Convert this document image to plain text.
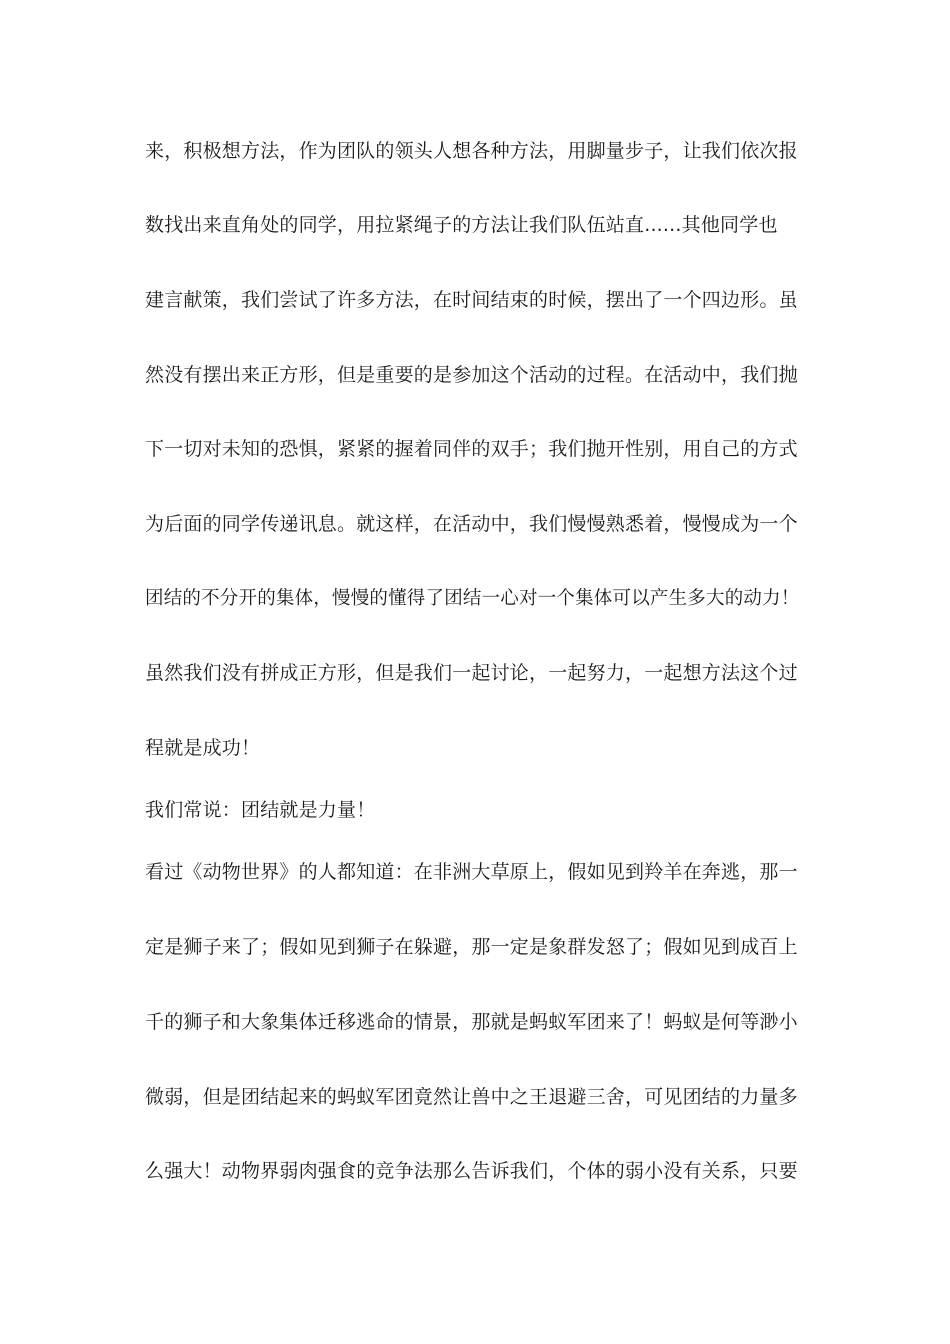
来，积极想方法，作为团队的领头人想各种方法，用脚量步子，让我们依次报
数找出来直角处的同学，用拉紧绳子的方法让我们队伍站直......其他同学也
建言献策，我们尝试了许多方法，在时间结束的时候，摆出了一个四边形。虽
然没有摆出来正方形，但是重要的是参加这个活动的过程。在活动中，我们抛
下一切对未知的恐惧，紧紧的握着同伴的双手；我们抛开性别，用自己的方式
为后面的同学传递讯息。就这样，在活动中，我们慢慢熟悉着，慢慢成为一个
团结的不分开的集体，慢慢的懂得了团结一心对一个集体可以产生多大的动力！
虽然我们没有拼成正方形，但是我们一起讨论，一起努力，一起想方法这个过
程就是成功！
我们常说：团结就是力量！
看过《动物世界》的人都知道：在非洲大草原上，假如见到羚羊在奔逃，那一
定是狮子来了；假如见到狮子在躲避，那一定是象群发怒了；假如见到成百上
千的狮子和大象集体迁移逃命的情景，那就是蚂蚁军团来了！蚂蚁是何等渺小
微弱，但是团结起来的蚂蚁军团竟然让兽中之王退避三舍，可见团结的力量多
么强大！动物界弱肉强食的竞争法那么告诉我们，个体的弱小没有关系，只要
